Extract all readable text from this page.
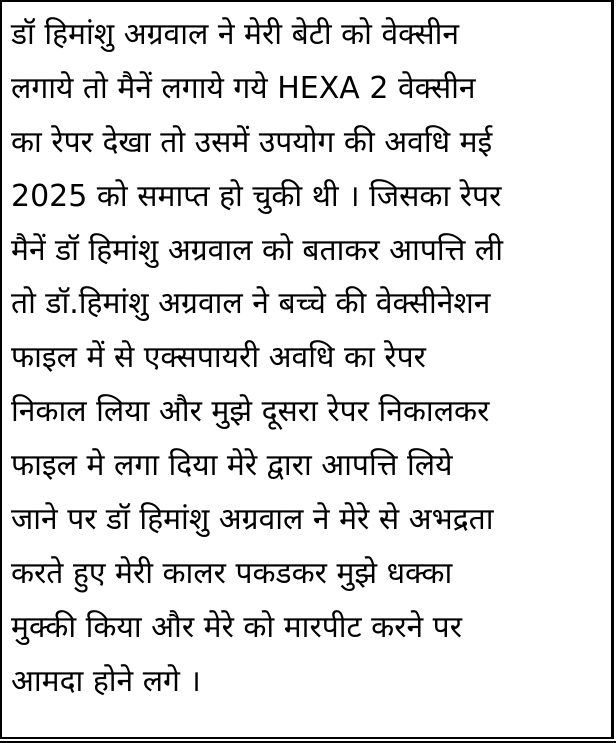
डॉ हिमांशु अग्रवाल ने मेरी बेटी को वेक्सीन
लगाये तो मैनें लगाये गये HEXA 2 वेक्सीन
का रेपर देखा तो उसमें उपयोग की अवधि मई
2025 को समाप्त हो चुकी थी । जिसका रेपर
मैनें डॉ हिमांशु अग्रवाल को बताकर आपत्ति ली
तो डॉ.हिमांशु अग्रवाल ने बच्चे की वेक्सीनेशन
फाइल में से एक्सपायरी अवधि का रेपर
निकाल लिया और मुझे दूसरा रेपर निकालकर
फाइल मे लगा दिया मेरे द्वारा आपत्ति लिये
जाने पर डॉ हिमांशु अग्रवाल ने मेरे से अभद्रता
करते हुए मेरी कालर पकडकर मुझे धक्का
मुक्की किया और मेरे को मारपीट करने पर
आमदा होने लगे ।
